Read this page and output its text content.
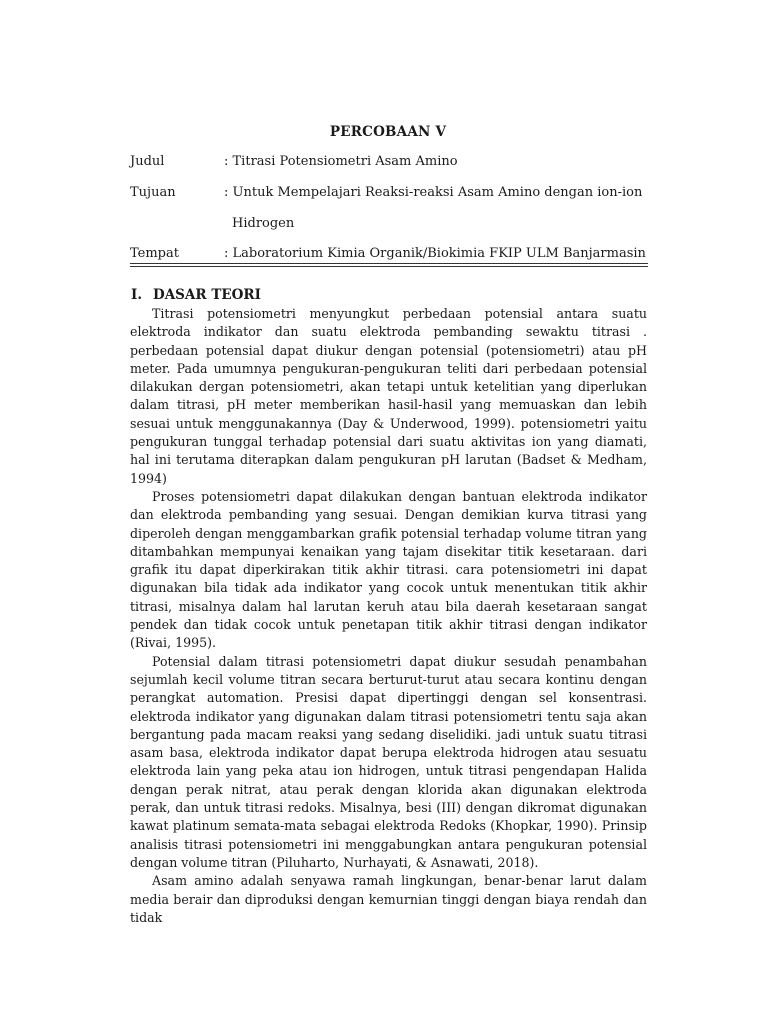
PERCOBAAN V
Judul	: Titrasi Potensiometri Asam Amino
Tujuan	: Untuk Mempelajari Reaksi-reaksi Asam Amino dengan ion-ion
Hidrogen
Tempat	: Laboratorium Kimia Organik/Biokimia FKIP ULM Banjarmasin
I. DASAR TEORI

Titrasi potensiometri menyungkut perbedaan potensial antara suatu elektroda indikator dan suatu elektroda pembanding sewaktu titrasi . perbedaan potensial dapat diukur dengan potensial (potensiometri) atau pH meter. Pada umumnya pengukuran-pengukuran teliti dari perbedaan potensial dilakukan dergan potensiometri, akan tetapi untuk ketelitian yang diperlukan dalam titrasi, pH meter memberikan hasil-hasil yang memuaskan dan lebih sesuai untuk menggunakannya (Day & Underwood, 1999). potensiometri yaitu pengukuran tunggal terhadap potensial dari suatu aktivitas ion yang diamati, hal ini terutama diterapkan dalam pengukuran pH larutan (Badset & Medham, 1994)

Proses potensiometri dapat dilakukan dengan bantuan elektroda indikator dan elektroda pembanding yang sesuai. Dengan demikian kurva titrasi yang diperoleh dengan menggambarkan grafik potensial terhadap volume titran yang ditambahkan mempunyai kenaikan yang tajam disekitar titik kesetaraan. dari grafik itu dapat diperkirakan titik akhir titrasi. cara potensiometri ini dapat digunakan bila tidak ada indikator yang cocok untuk menentukan titik akhir titrasi, misalnya dalam hal larutan keruh atau bila daerah kesetaraan sangat pendek dan tidak cocok untuk penetapan titik akhir titrasi dengan indikator (Rivai, 1995).

Potensial dalam titrasi potensiometri dapat diukur sesudah penambahan sejumlah kecil volume titran secara berturut-turut atau secara kontinu dengan perangkat automation. Presisi dapat dipertinggi dengan sel konsentrasi. elektroda indikator yang digunakan dalam titrasi potensiometri tentu saja akan bergantung pada macam reaksi yang sedang diselidiki. jadi untuk suatu titrasi asam basa, elektroda indikator dapat berupa elektroda hidrogen atau sesuatu elektroda lain yang peka atau ion hidrogen, untuk titrasi pengendapan Halida dengan perak nitrat, atau perak dengan klorida akan digunakan elektroda perak, dan untuk titrasi redoks. Misalnya, besi (III) dengan dikromat digunakan kawat platinum semata-mata sebagai elektroda Redoks (Khopkar, 1990). Prinsip analisis titrasi potensiometri ini menggabungkan antara pengukuran potensial dengan volume titran (Piluharto, Nurhayati, & Asnawati, 2018).

Asam amino adalah senyawa ramah lingkungan, benar-benar larut dalam media berair dan diproduksi dengan kemurnian tinggi dengan biaya rendah dan tidak
